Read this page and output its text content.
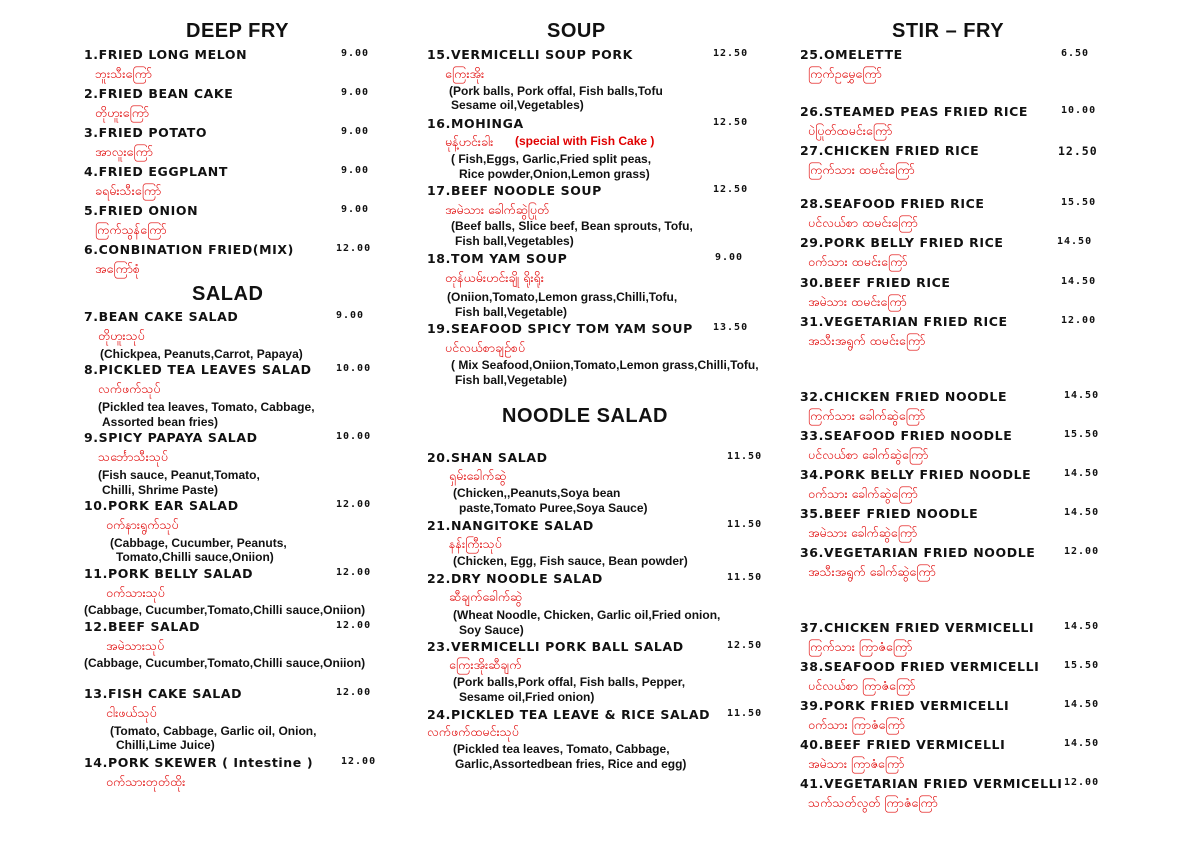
DEEP FRY
1.FRIED LONG MELON	9.00
ဘူးသီးကြော်
2.FRIED BEAN CAKE	9.00
တိုဟူးကြော်
3.FRIED POTATO	9.00
အာလူးကြော်
4.FRIED EGGPLANT	9.00
ခရမ်းသီးကြော်
5.FRIED ONION	9.00
ကြက်သွန်ကြော်
6.CONBINATION FRIED(MIX)	12.00
အကြော်စုံ
SALAD
7.BEAN CAKE SALAD	9.00
တိုဟူးသုပ်
(Chickpea, Peanuts,Carrot, Papaya)
8.PICKLED TEA LEAVES SALAD 10.00
လက်ဖက်သုပ်
(Pickled tea leaves, Tomato, Cabbage,
Assorted bean fries)
9.SPICY PAPAYA SALAD	10.00
သင်္ဘောသီးသုပ်
(Fish sauce, Peanut,Tomato,
Chilli, Shrime Paste)
10.PORK EAR SALAD	12.00
ဝက်နားရွက်သုပ်
(Cabbage, Cucumber, Peanuts,
Tomato,Chilli sauce,Oniion)
11.PORK BELLY SALAD	12.00
ဝက်သားသုပ်
(Cabbage, Cucumber,Tomato,Chilli sauce,Oniion)
12.BEEF SALAD	12.00
အမဲသားသုပ်
(Cabbage, Cucumber,Tomato,Chilli sauce,Oniion)
13.FISH CAKE SALAD	12.00
ငါးဖယ်သုပ်
(Tomato, Cabbage, Garlic oil, Onion,
Chilli,Lime Juice)
14.PORK SKEWER ( Intestine )	12.00
ဝက်သားတုတ်ထိုး
SOUP
15.VERMICELLI SOUP PORK	12.50
ကြေးအိုး
(Pork balls, Pork offal, Fish balls,Tofu
Sesame oil,Vegetables)
16.MOHINGA	12.50
မုန့်ဟင်းခါး (special with Fish Cake )
( Fish,Eggs, Garlic,Fried split peas,
Rice powder,Onion,Lemon grass)
17.BEEF NOODLE SOUP	12.50
အမဲသား ခေါက်ဆွဲပြုတ်
(Beef balls, Slice beef, Bean sprouts, Tofu,
Fish ball,Vegetables)
18.TOM YAM SOUP	9.00
တုန်ယမ်းဟင်းချို ရိုးရိုး
(Oniion,Tomato,Lemon grass,Chilli,Tofu,
Fish ball,Vegetable)
19.SEAFOOD SPICY TOM YAM SOUP 13.50
ပင်လယ်စာချဉ်စပ်
( Mix Seafood,Oniion,Tomato,Lemon grass,Chilli,Tofu,
Fish ball,Vegetable)
NOODLE SALAD
20.SHAN SALAD	11.50
ရှမ်းခေါက်ဆွဲ
(Chicken,,Peanuts,Soya bean
paste,Tomato Puree,Soya Sauce)
21.NANGITOKE SALAD	11.50
နန်းကြီးသုပ်
(Chicken, Egg, Fish sauce, Bean powder)
22.DRY NOODLE SALAD	11.50
ဆီချက်ခေါက်ဆွဲ
(Wheat Noodle, Chicken, Garlic oil,Fried onion,
Soy Sauce)
23.VERMICELLI PORK BALL SALAD	12.50
ကြေးအိုးဆီချက်
(Pork balls,Pork offal, Fish balls, Pepper,
Sesame oil,Fried onion)
24.PICKLED TEA LEAVE & RICE SALAD 11.50
လက်ဖက်ထမင်းသုပ်
(Pickled tea leaves, Tomato, Cabbage,
Garlic,Assortedbean fries, Rice and egg)
STIR – FRY
25.OMELETTE	6.50
ကြက်ဥမွှေကြော်
26.STEAMED PEAS FRIED RICE	10.00
ပဲပြုတ်ထမင်းကြော်
27.CHICKEN FRIED RICE	12.50
ကြက်သား ထမင်းကြော်
28.SEAFOOD FRIED RICE	15.50
ပင်လယ်စာ ထမင်းကြော်
29.PORK BELLY FRIED RICE	14.50
ဝက်သား ထမင်းကြော်
30.BEEF FRIED RICE	14.50
အမဲသား ထမင်းကြော်
31.VEGETARIAN FRIED RICE	12.00
အသီးအရွက် ထမင်းကြော်
32.CHICKEN FRIED NOODLE	14.50
ကြက်သား ခေါက်ဆွဲကြော်
33.SEAFOOD FRIED NOODLE	15.50
ပင်လယ်စာ ခေါက်ဆွဲကြော်
34.PORK BELLY FRIED NOODLE	14.50
ဝက်သား ခေါက်ဆွဲကြော်
35.BEEF FRIED NOODLE	14.50
အမဲသား ခေါက်ဆွဲကြော်
36.VEGETARIAN FRIED NOODLE	12.00
အသီးအရွက် ခေါက်ဆွဲကြော်
37.CHICKEN FRIED VERMICELLI	14.50
ကြက်သား ကြာဇံကြော်
38.SEAFOOD FRIED VERMICELLI 15.50
ပင်လယ်စာ ကြာဇံကြော်
39.PORK FRIED VERMICELLI	14.50
ဝက်သား ကြာဇံကြော်
40.BEEF FRIED VERMICELLI	14.50
အမဲသား ကြာဇံကြော်
41.VEGETARIAN FRIED VERMICELLI 12.00
သက်သတ်လွတ် ကြာဇံကြော်
